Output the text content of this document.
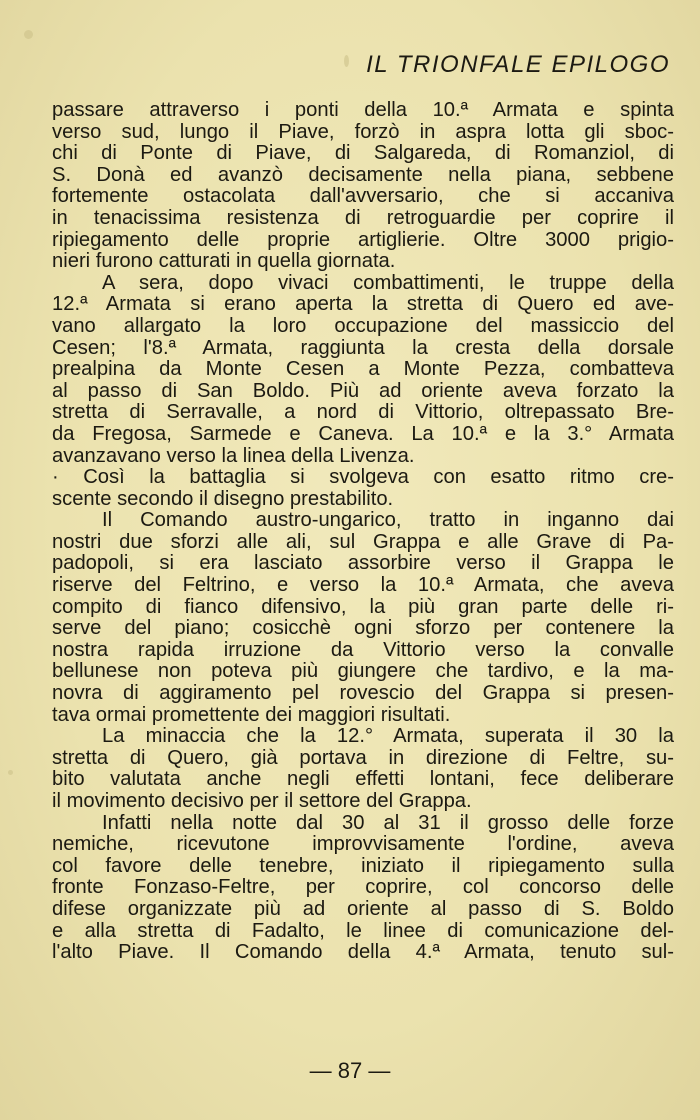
IL TRIONFALE EPILOGO
passare attraverso i ponti della 10.ª Armata e spinta
verso sud, lungo il Piave, forzò in aspra lotta gli sboc-
chi di Ponte di Piave, di Salgareda, di Romanziol, di
S. Donà ed avanzò decisamente nella piana, sebbene
fortemente ostacolata dall'avversario, che si accaniva
in tenacissima resistenza di retroguardie per coprire il
ripiegamento delle proprie artiglierie. Oltre 3000 prigio-
nieri furono catturati in quella giornata.
A sera, dopo vivaci combattimenti, le truppe della
12.ª Armata si erano aperta la stretta di Quero ed ave-
vano allargato la loro occupazione del massiccio del
Cesen; l'8.ª Armata, raggiunta la cresta della dorsale
prealpina da Monte Cesen a Monte Pezza, combatteva
al passo di San Boldo. Più ad oriente aveva forzato la
stretta di Serravalle, a nord di Vittorio, oltrepassato Bre-
da Fregosa, Sarmede e Caneva. La 10.ª e la 3.° Armata
avanzavano verso la linea della Livenza.
· Così la battaglia si svolgeva con esatto ritmo cre-
scente secondo il disegno prestabilito.
Il Comando austro-ungarico, tratto in inganno dai
nostri due sforzi alle ali, sul Grappa e alle Grave di Pa-
padopoli, si era lasciato assorbire verso il Grappa le
riserve del Feltrino, e verso la 10.ª Armata, che aveva
compito di fianco difensivo, la più gran parte delle ri-
serve del piano; cosicchè ogni sforzo per contenere la
nostra rapida irruzione da Vittorio verso la convalle
bellunese non poteva più giungere che tardivo, e la ma-
novra di aggiramento pel rovescio del Grappa si presen-
tava ormai promettente dei maggiori risultati.
La minaccia che la 12.° Armata, superata il 30 la
stretta di Quero, già portava in direzione di Feltre, su-
bito valutata anche negli effetti lontani, fece deliberare
il movimento decisivo per il settore del Grappa.
Infatti nella notte dal 30 al 31 il grosso delle forze
nemiche, ricevutone improvvisamente l'ordine, aveva
col favore delle tenebre, iniziato il ripiegamento sulla
fronte Fonzaso-Feltre, per coprire, col concorso delle
difese organizzate più ad oriente al passo di S. Boldo
e alla stretta di Fadalto, le linee di comunicazione del-
l'alto Piave. Il Comando della 4.ª Armata, tenuto sul-
— 87 —
